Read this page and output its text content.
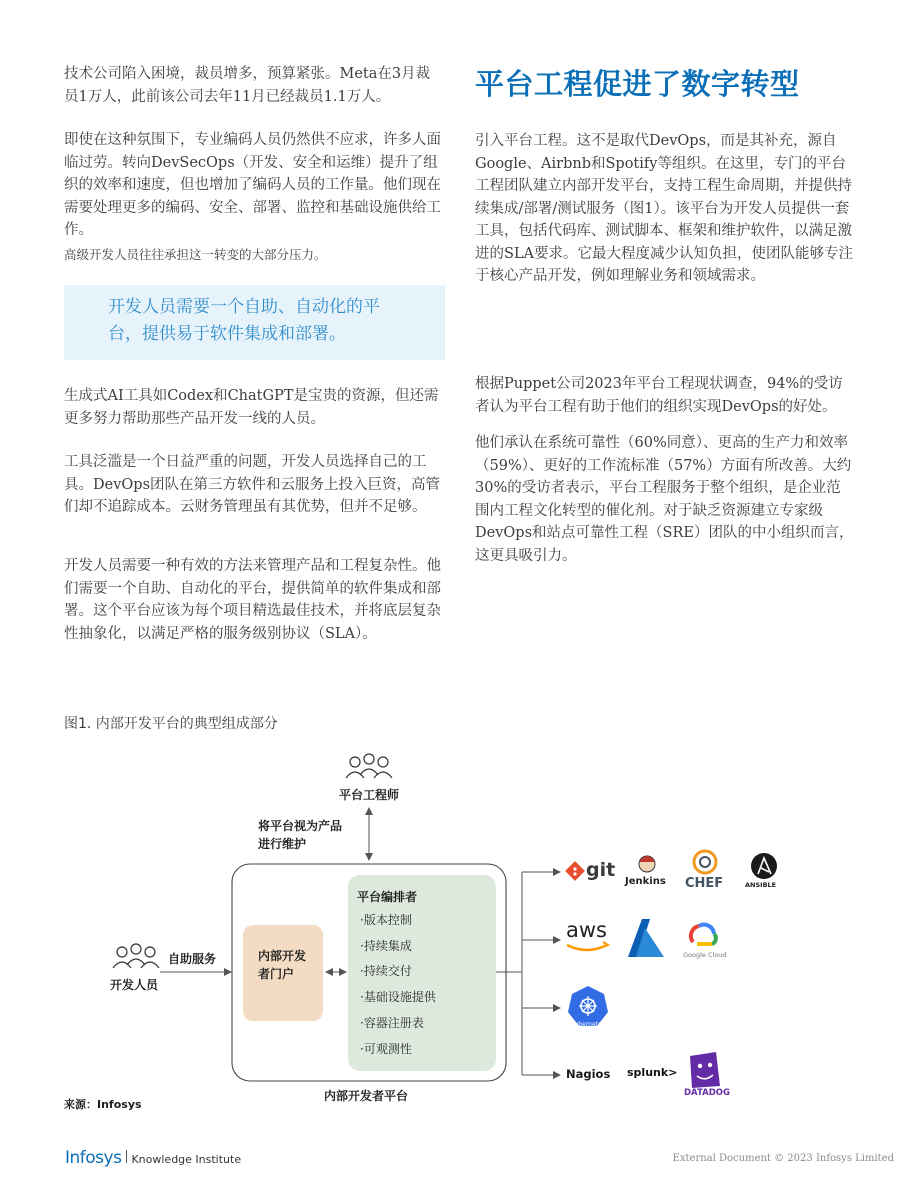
技术公司陷入困境，裁员增多，预算紧张。Meta在3月裁员1万人，此前该公司去年11月已经裁员1.1万人。

即使在这种氛围下，专业编码人员仍然供不应求，许多人面临过劳。转向DevSecOps（开发、安全和运维）提升了组织的效率和速度，但也增加了编码人员的工作量。他们现在需要处理更多的编码、安全、部署、监控和基础设施供给工作。

高级开发人员往往承担这一转变的大部分压力。
开发人员需要一个自助、自动化的平台，提供易于软件集成和部署。

生成式AI工具如Codex和ChatGPT是宝贵的资源，但还需更多努力帮助那些产品开发一线的人员。

工具泛滥是一个日益严重的问题，开发人员选择自己的工具。DevOps团队在第三方软件和云服务上投入巨资，高管们却不追踪成本。云财务管理虽有其优势，但并不足够。

开发人员需要一种有效的方法来管理产品和工程复杂性。他们需要一个自助、自动化的平台，提供简单的软件集成和部署。这个平台应该为每个项目精选最佳技术，并将底层复杂性抽象化，以满足严格的服务级别协议（SLA）。

平台工程促进了数字转型

引入平台工程。这不是取代DevOps，而是其补充，源自Google、Airbnb和Spotify等组织。在这里，专门的平台工程团队建立内部开发平台，支持工程生命周期，并提供持续集成/部署/测试服务（图1）。该平台为开发人员提供一套工具，包括代码库、测试脚本、框架和维护软件，以满足激进的SLA要求。它最大程度减少认知负担，使团队能够专注于核心产品开发，例如理解业务和领域需求。

根据Puppet公司2023年平台工程现状调查，94%的受访者认为平台工程有助于他们的组织实现DevOps的好处。

他们承认在系统可靠性（60%同意）、更高的生产力和效率（59%）、更好的工作流标准（57%）方面有所改善。大约30%的受访者表示，平台工程服务于整个组织，是企业范围内工程文化转型的催化剂。对于缺乏资源建立专家级DevOps和站点可靠性工程（SRE）团队的中小组织而言，这更具吸引力。

图1. 内部开发平台的典型组成部分
平台工程师
将平台视为产品
进行维护
自助服务
开发人员
内部开发
者门户
平台编排者
·版本控制
·持续集成
·持续交付
·基础设施提供
·容器注册表
·可观测性
内部开发者平台
来源：Infosys
git
Jenkins CHEF	ANSIBLE
aws
Google Cloud
kubernetes
Nagios splunk>
DATADOG
Infosys Knowledge Institute	External Document © 2023 Infosys Limited
